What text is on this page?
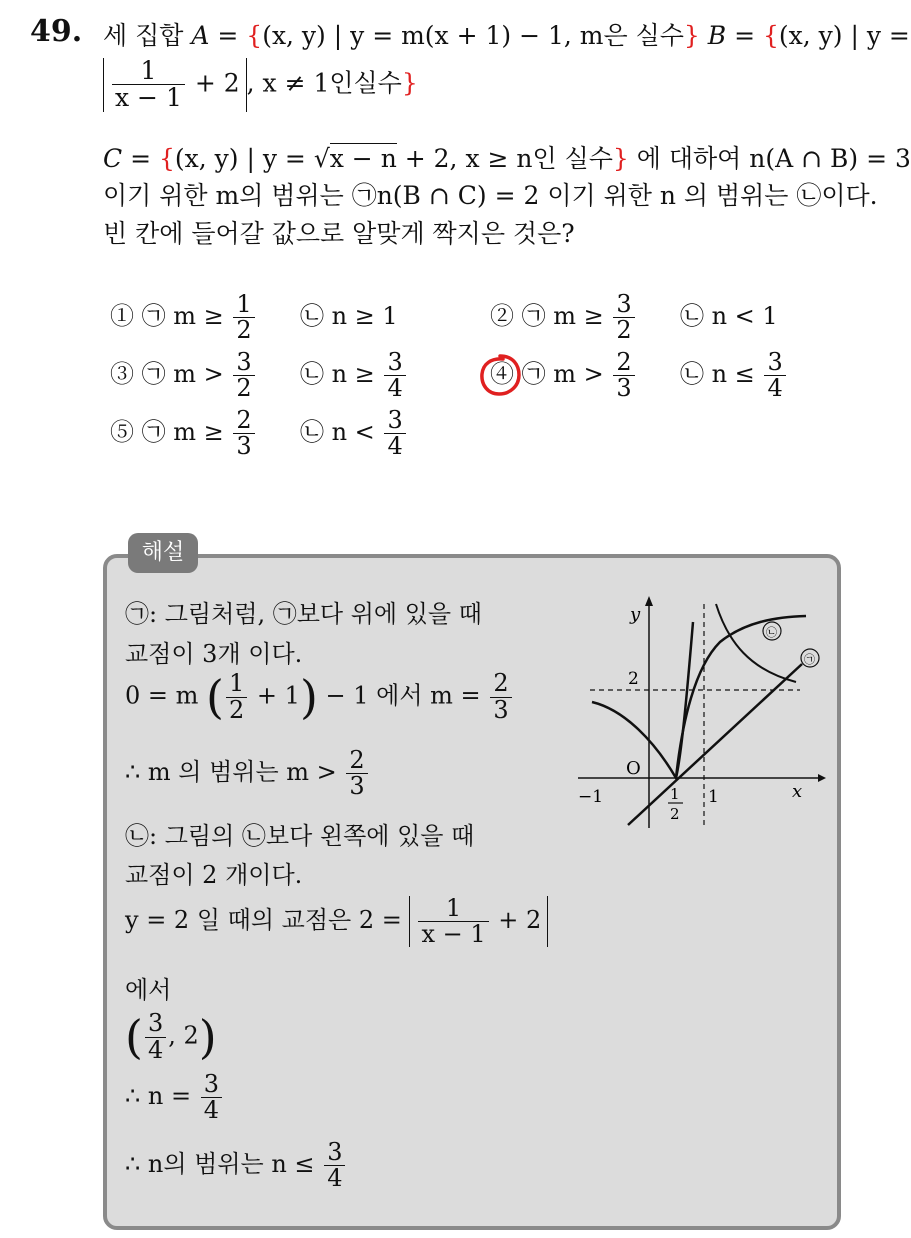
49. 세 집합 A = {(x, y) | y = m(x + 1) − 1, m은 실수} B = {(x, y) | y =
$\frac{1}{x - 1} + 2$ , x ≠ 1인실수}
C = {(x, y) | y = √x − n + 2, x ≥ n인 실수} 에 대하여 n(A ∩ B) = 3
이기 위한 m의 범위는 ㉠n(B ∩ C) = 2 이기 위한 n 의 범위는 ㉡이다.
빈 칸에 들어갈 값으로 알맞게 짝지은 것은?
① ㉠ $m \ge \frac{1}{2}$ ㉡ n ≥ 1	② ㉠ $m \ge \frac{3}{2}$ ㉡ n < 1
③ ㉠ $m > \frac{3}{2}$ ㉡ $n \ge \frac{3}{4}$	④ ㉠ $m > \frac{2}{3}$ ㉡ $n \le \frac{3}{4}$
⑤ ㉠ $m \ge \frac{2}{3}$ ㉡ $n < \frac{3}{4}$
해설
㉠: 그림처럼, ㉠보다 위에 있을 때
교점이 3개 이다.
0 = m ( $\frac{1}{2} + 1) - 1$ 에서 $m = \frac{2}{3}$
∴ m 의 범위는 $m > \frac{2}{3}$
㉡: 그림의 ㉡보다 왼쪽에 있을 때
교점이 2 개이다.
y = 2 일 때의 교점은 $2 = \frac{1}{x - 1} + 2$
에서
( $\frac{3}{4}$ , 2)
∴ $n = \frac{3}{4}$
∴ n의 범위는 $n \le \frac{3}{4}$
y
x
O
−1	1
2
1
2
㉡
㉠
